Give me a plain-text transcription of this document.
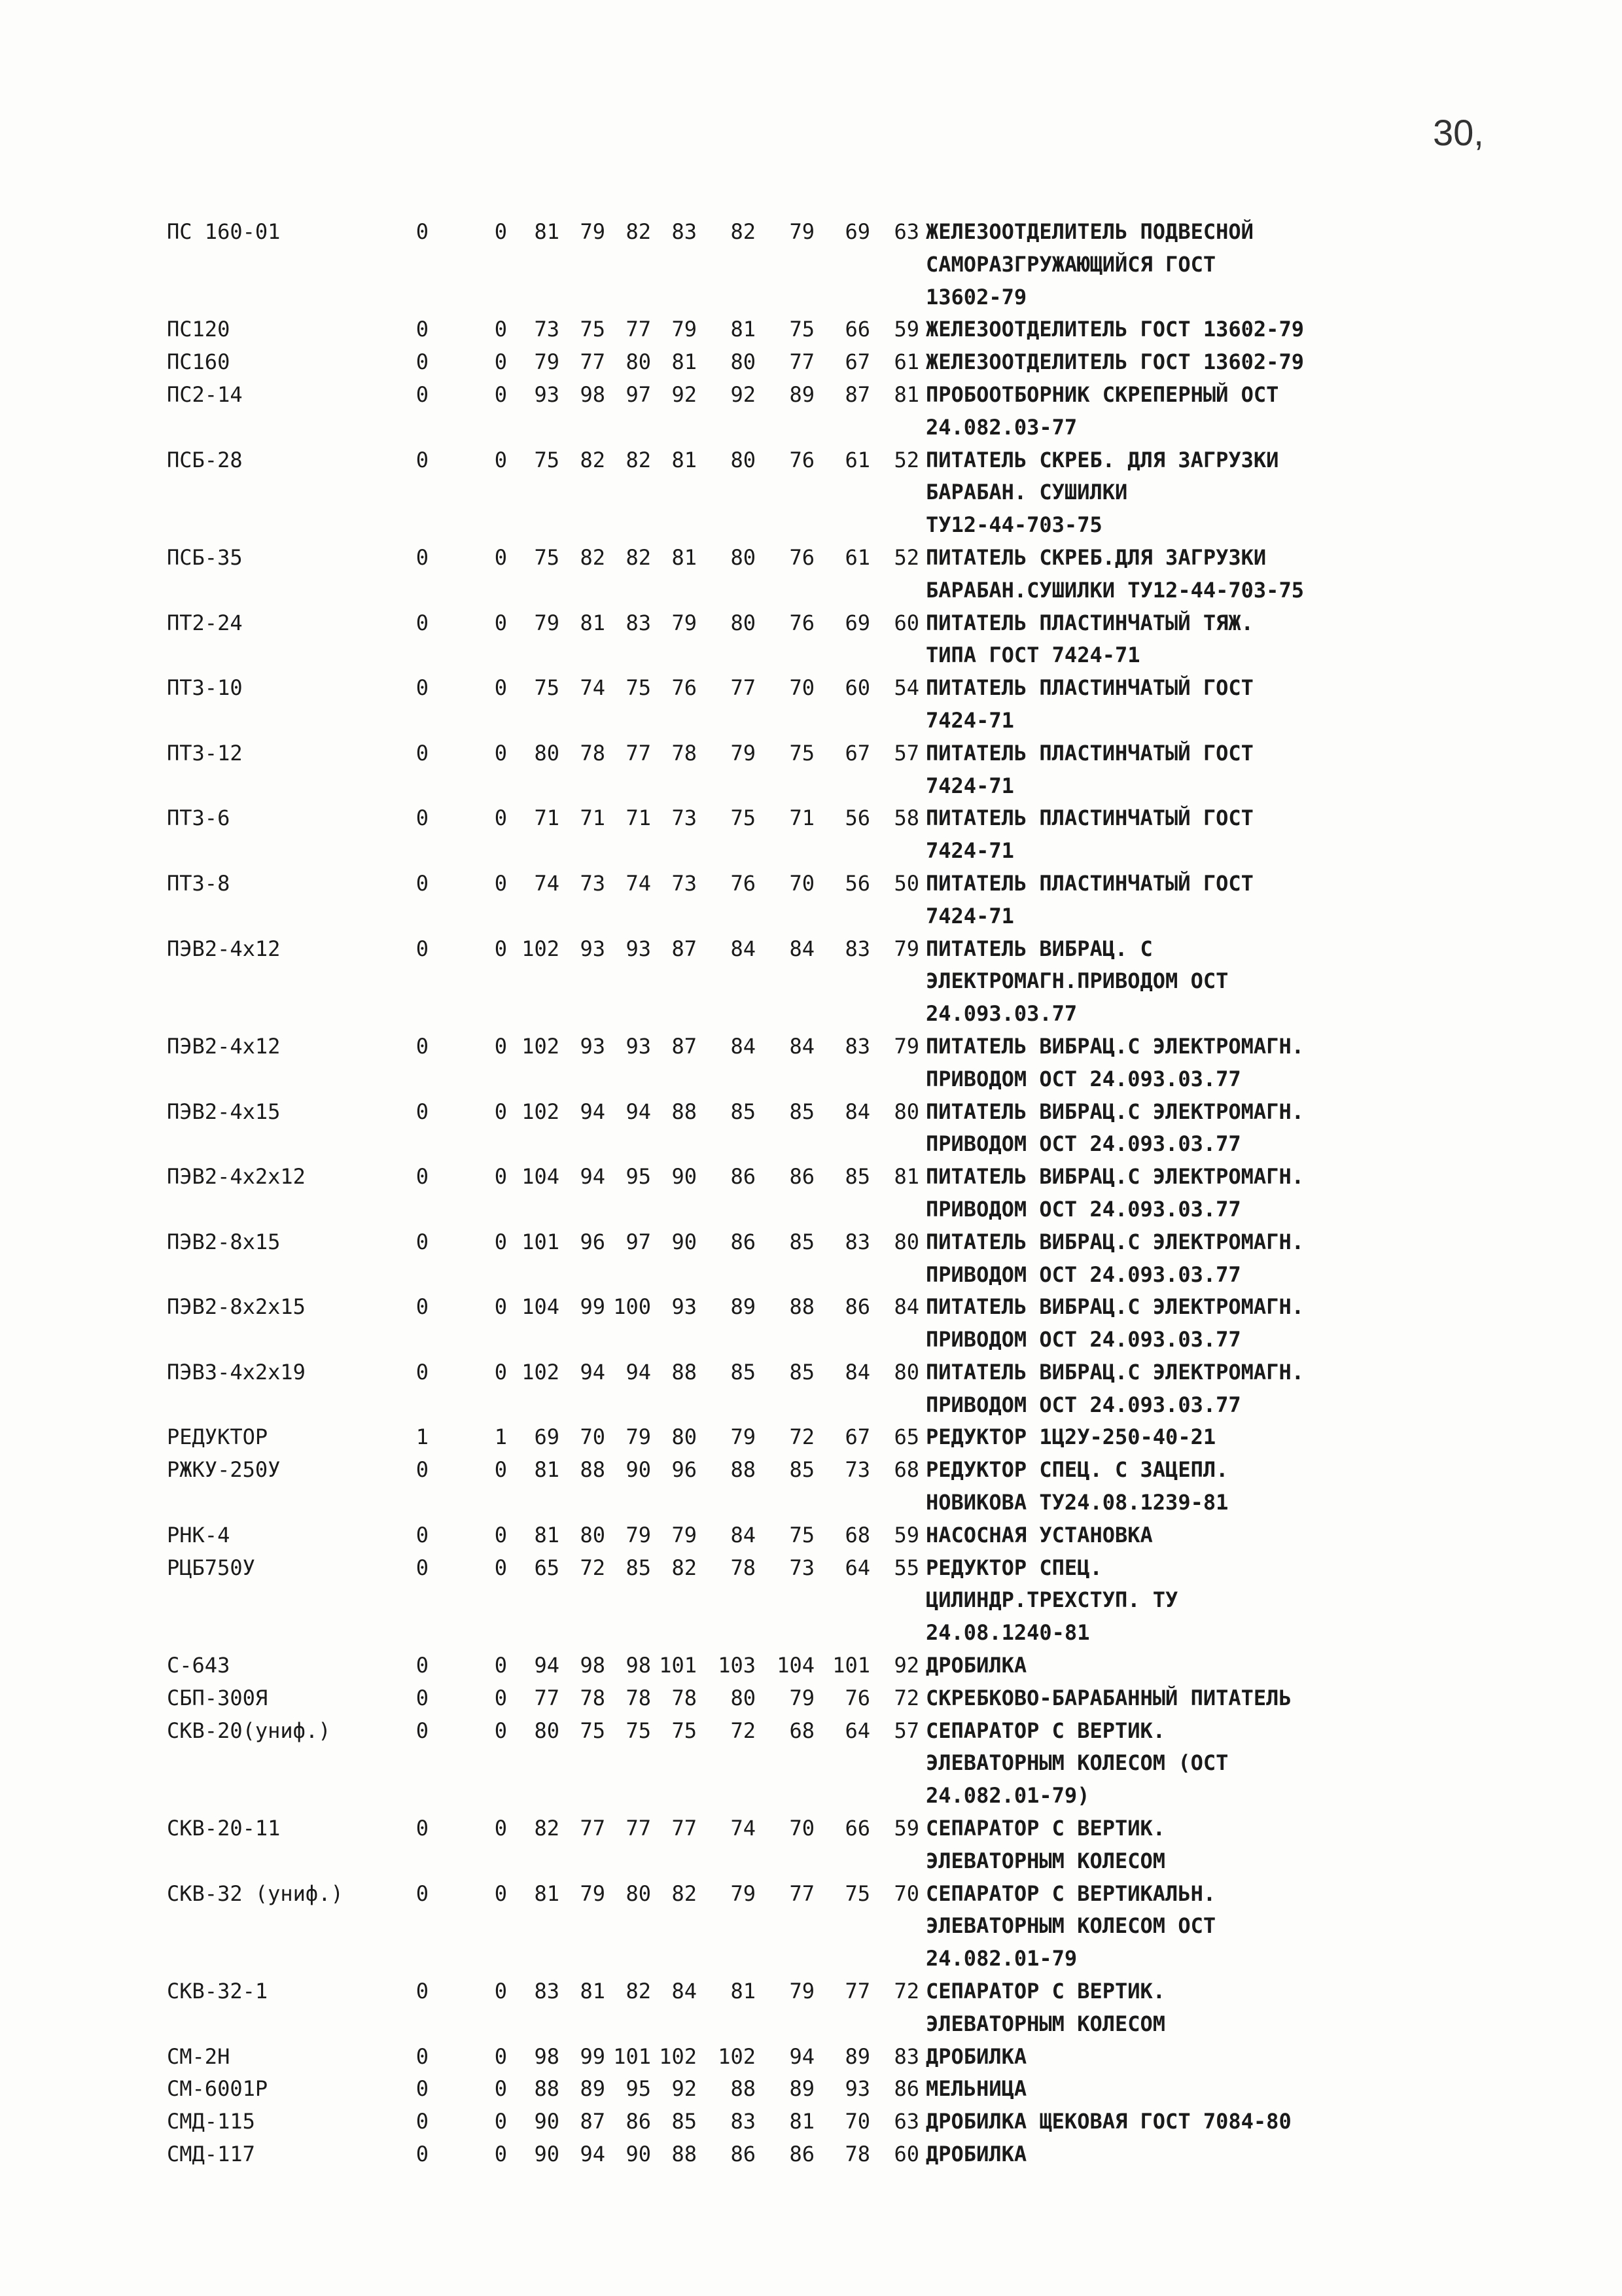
30,
ПС 160-01	0	0 81 79 82 83 82 79 69 63 ЖЕЛЕЗООТДЕЛИТЕЛЬ ПОДВЕСНОЙ
САМОРАЗГРУЖАЮЩИЙСЯ ГОСТ
13602-79
ПС120	0	0 73 75 77 79 81 75 66 59 ЖЕЛЕЗООТДЕЛИТЕЛЬ ГОСТ 13602-79
ПС160	0	0 79 77 80 81 80 77 67 61 ЖЕЛЕЗООТДЕЛИТЕЛЬ ГОСТ 13602-79
ПС2-14	0	0 93 98 97 92 92 89 87 81 ПРОБООТБОРНИК СКРЕПЕРНЫЙ ОСТ
24.082.03-77
ПСБ-28	0	0 75 82 82 81 80 76 61 52 ПИТАТЕЛЬ СКРЕБ. ДЛЯ ЗАГРУЗКИ
БАРАБАН. СУШИЛКИ
ТУ12-44-703-75
ПСБ-35	0	0 75 82 82 81 80 76 61 52 ПИТАТЕЛЬ СКРЕБ.ДЛЯ ЗАГРУЗКИ
БАРАБАН.СУШИЛКИ ТУ12-44-703-75
ПТ2-24	0	0 79 81 83 79 80 76 69 60 ПИТАТЕЛЬ ПЛАСТИНЧАТЫЙ ТЯЖ.
ТИПА ГОСТ 7424-71
ПТ3-10	0	0 75 74 75 76 77 70 60 54 ПИТАТЕЛЬ ПЛАСТИНЧАТЫЙ ГОСТ
7424-71
ПТ3-12	0	0 80 78 77 78 79 75 67 57 ПИТАТЕЛЬ ПЛАСТИНЧАТЫЙ ГОСТ
7424-71
ПТ3-6	0	0 71 71 71 73 75 71 56 58 ПИТАТЕЛЬ ПЛАСТИНЧАТЫЙ ГОСТ
7424-71
ПТ3-8	0	0 74 73 74 73 76 70 56 50 ПИТАТЕЛЬ ПЛАСТИНЧАТЫЙ ГОСТ
7424-71
ПЭВ2-4х12	0	0 102 93 93 87 84 84 83 79 ПИТАТЕЛЬ ВИБРАЦ. С
ЭЛЕКТРОМАГН.ПРИВОДОМ ОСТ
24.093.03.77
ПЭВ2-4х12	0	0 102 93 93 87 84 84 83 79 ПИТАТЕЛЬ ВИБРАЦ.С ЭЛЕКТРОМАГН.
ПРИВОДОМ ОСТ 24.093.03.77
ПЭВ2-4х15	0	0 102 94 94 88 85 85 84 80 ПИТАТЕЛЬ ВИБРАЦ.С ЭЛЕКТРОМАГН.
ПРИВОДОМ ОСТ 24.093.03.77
ПЭВ2-4х2х12	0	0 104 94 95 90 86 86 85 81 ПИТАТЕЛЬ ВИБРАЦ.С ЭЛЕКТРОМАГН.
ПРИВОДОМ ОСТ 24.093.03.77
ПЭВ2-8х15	0	0 101 96 97 90 86 85 83 80 ПИТАТЕЛЬ ВИБРАЦ.С ЭЛЕКТРОМАГН.
ПРИВОДОМ ОСТ 24.093.03.77
ПЭВ2-8х2х15	0	0 104 99 100 93 89 88 86 84 ПИТАТЕЛЬ ВИБРАЦ.С ЭЛЕКТРОМАГН.
ПРИВОДОМ ОСТ 24.093.03.77
ПЭВ3-4х2х19	0	0 102 94 94 88 85 85 84 80 ПИТАТЕЛЬ ВИБРАЦ.С ЭЛЕКТРОМАГН.
ПРИВОДОМ ОСТ 24.093.03.77
РЕДУКТОР	1	1 69 70 79 80 79 72 67 65 РЕДУКТОР 1Ц2У-250-40-21
РЖКУ-250У	0	0 81 88 90 96 88 85 73 68 РЕДУКТОР СПЕЦ. С ЗАЦЕПЛ.
НОВИКОВА ТУ24.08.1239-81
РНК-4	0	0 81 80 79 79 84 75 68 59 НАСОСНАЯ УСТАНОВКА
РЦБ750У	0	0 65 72 85 82 78 73 64 55 РЕДУКТОР СПЕЦ.
ЦИЛИНДР.ТРЕХСТУП. ТУ
24.08.1240-81
С-643	0	0 94 98 98 101 103 104 101 92 ДРОБИЛКА
СБП-300Я	0	0 77 78 78 78 80 79 76 72 СКРЕБКОВО-БАРАБАННЫЙ ПИТАТЕЛЬ
СКВ-20(униф.)	0	0 80 75 75 75 72 68 64 57 СЕПАРАТОР С ВЕРТИК.
ЭЛЕВАТОРНЫМ КОЛЕСОМ (ОСТ
24.082.01-79)
СКВ-20-11	0	0 82 77 77 77 74 70 66 59 СЕПАРАТОР С ВЕРТИК.
ЭЛЕВАТОРНЫМ КОЛЕСОМ
СКВ-32 (униф.)	0	0 81 79 80 82 79 77 75 70 СЕПАРАТОР С ВЕРТИКАЛЬН.
ЭЛЕВАТОРНЫМ КОЛЕСОМ ОСТ
24.082.01-79
СКВ-32-1	0	0 83 81 82 84 81 79 77 72 СЕПАРАТОР С ВЕРТИК.
ЭЛЕВАТОРНЫМ КОЛЕСОМ
СМ-2Н	0	0 98 99 101 102 102 94 89 83 ДРОБИЛКА
СМ-6001Р	0	0 88 89 95 92 88 89 93 86 МЕЛЬНИЦА
СМД-115	0	0 90 87 86 85 83 81 70 63 ДРОБИЛКА ЩЕКОВАЯ ГОСТ 7084-80
СМД-117	0	0 90 94 90 88 86 86 78 60 ДРОБИЛКА
